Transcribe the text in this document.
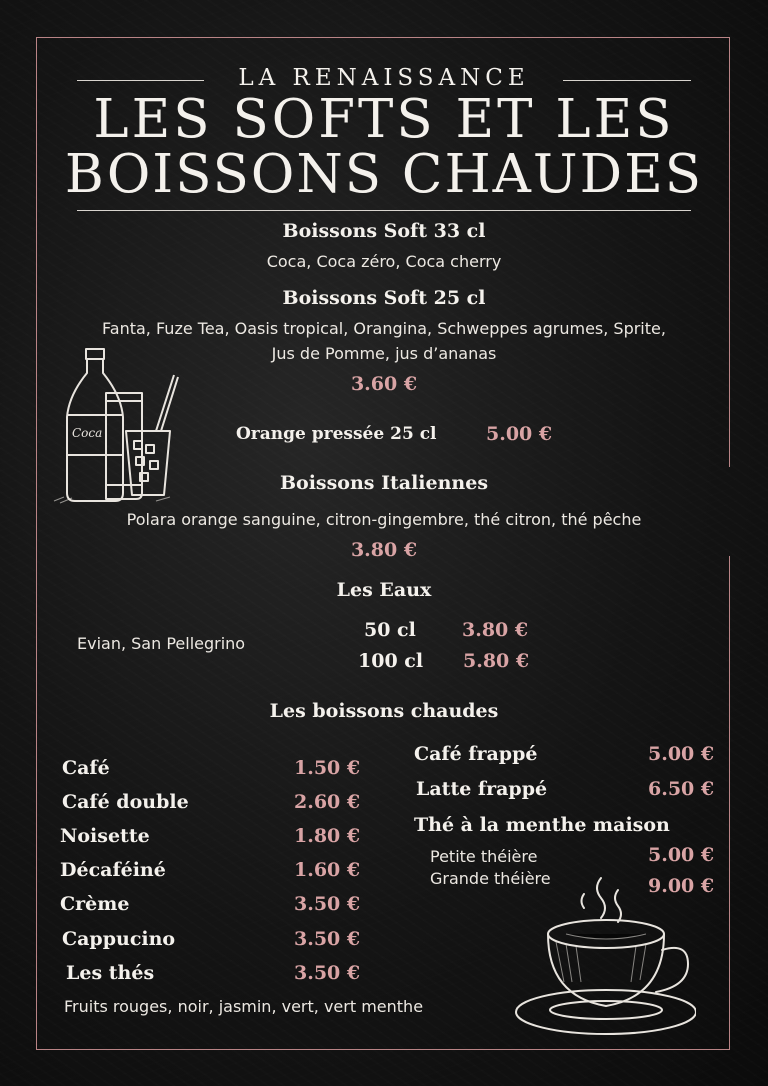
LA RENAISSANCE
LES SOFTS ET LES
BOISSONS CHAUDES
Boissons Soft 33 cl
Coca, Coca zéro, Coca cherry
Boissons Soft 25 cl
Fanta, Fuze Tea, Oasis tropical, Orangina, Schweppes agrumes, Sprite,
Jus de Pomme, jus d’ananas
3.60 €
Coca	Orange pressée 25 cl	5.00 €
Boissons Italiennes
Polara orange sanguine, citron-gingembre, thé citron, thé pêche
3.80 €
Les Eaux
Evian, San Pellegrino
50 cl 3.80 €
100 cl 5.80 €
Les boissons chaudes
Café	1.50 €
Café double	2.60 €
Noisette	1.80 €
Décaféiné	1.60 €
Crème	3.50 €
Cappucino	3.50 €
Les thés	3.50 €
Fruits rouges, noir, jasmin, vert, vert menthe
Café frappé	5.00 €
Latte frappé	6.50 €
Thé à la menthe maison
Petite théière	5.00 €
Grande théière	9.00 €
